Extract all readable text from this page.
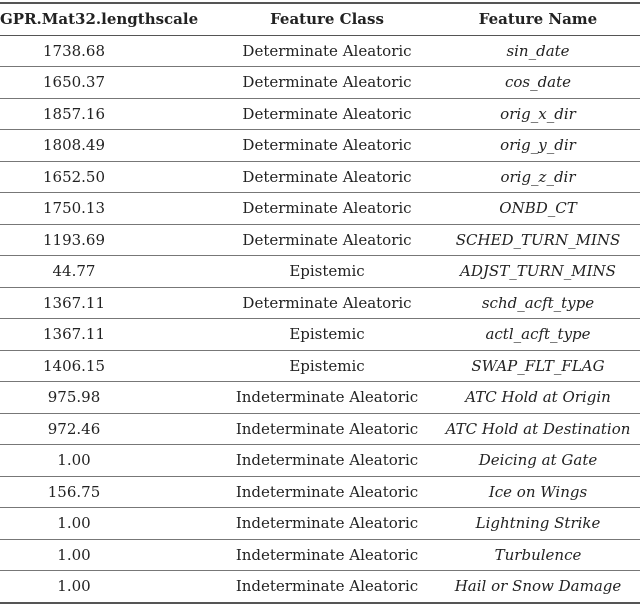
GPR.Mat32.lengthscale	Feature Class	Feature Name
1738.68	Determinate Aleatoric	sin_date
1650.37	Determinate Aleatoric	cos_date
1857.16	Determinate Aleatoric	orig_x_dir
1808.49	Determinate Aleatoric	orig_y_dir
1652.50	Determinate Aleatoric	orig_z_dir
1750.13	Determinate Aleatoric	ONBD_CT
1193.69	Determinate Aleatoric	SCHED_TURN_MINS
44.77	Epistemic	ADJST_TURN_MINS
1367.11	Determinate Aleatoric	schd_acft_type
1367.11	Epistemic	actl_acft_type
1406.15	Epistemic	SWAP_FLT_FLAG
975.98	Indeterminate Aleatoric	ATC Hold at Origin
972.46	Indeterminate Aleatoric	ATC Hold at Destination
1.00	Indeterminate Aleatoric	Deicing at Gate
156.75	Indeterminate Aleatoric	Ice on Wings
1.00	Indeterminate Aleatoric	Lightning Strike
1.00	Indeterminate Aleatoric	Turbulence
1.00	Indeterminate Aleatoric	Hail or Snow Damage
